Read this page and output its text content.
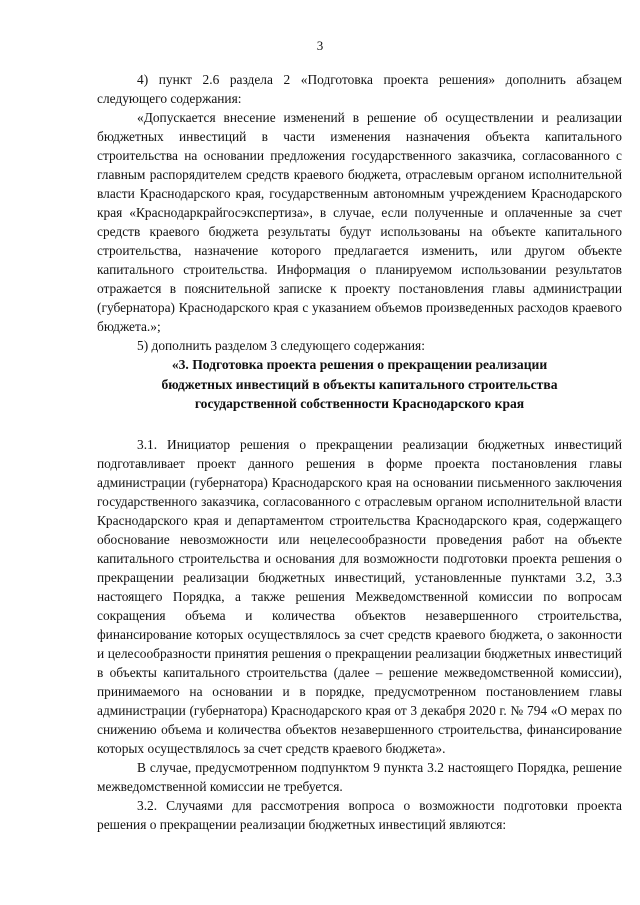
3

4) пункт 2.6 раздела 2 «Подготовка проекта решения» дополнить абзацем следующего содержания:

«Допускается внесение изменений в решение об осуществлении и реализации бюджетных инвестиций в части изменения назначения объекта капитального строительства на основании предложения государственного заказчика, согласованного с главным распорядителем средств краевого бюджета, отраслевым органом исполнительной власти Краснодарского края, государственным автономным учреждением Краснодарского края «Краснодаркрайгосэкспертиза», в случае, если полученные и оплаченные за счет средств краевого бюджета результаты будут использованы на объекте капитального строительства, назначение которого предлагается изменить, или другом объекте капитального строительства. Информация о планируемом использовании результатов отражается в пояснительной записке к проекту постановления главы администрации (губернатора) Краснодарского края с указанием объемов произведенных расходов краевого бюджета.»;

5) дополнить разделом 3 следующего содержания:

«3. Подготовка проекта решения о прекращении реализации бюджетных инвестиций в объекты капитального строительства государственной собственности Краснодарского края

3.1. Инициатор решения о прекращении реализации бюджетных инвестиций подготавливает проект данного решения в форме проекта постановления главы администрации (губернатора) Краснодарского края на основании письменного заключения государственного заказчика, согласованного с отраслевым органом исполнительной власти Краснодарского края и департаментом строительства Краснодарского края, содержащего обоснование невозможности или нецелесообразности проведения работ на объекте капитального строительства и основания для возможности подготовки проекта решения о прекращении реализации бюджетных инвестиций, установленные пунктами 3.2, 3.3 настоящего Порядка, а также решения Межведомственной комиссии по вопросам сокращения объема и количества объектов незавершенного строительства, финансирование которых осуществлялось за счет средств краевого бюджета, о законности и целесообразности принятия решения о прекращении реализации бюджетных инвестиций в объекты капитального строительства (далее – решение межведомственной комиссии), принимаемого на основании и в порядке, предусмотренном постановлением главы администрации (губернатора) Краснодарского края от 3 декабря 2020 г. № 794 «О мерах по снижению объема и количества объектов незавершенного строительства, финансирование которых осуществлялось за счет средств краевого бюджета».

В случае, предусмотренном подпунктом 9 пункта 3.2 настоящего Порядка, решение межведомственной комиссии не требуется.

3.2. Случаями для рассмотрения вопроса о возможности подготовки проекта решения о прекращении реализации бюджетных инвестиций являются:
